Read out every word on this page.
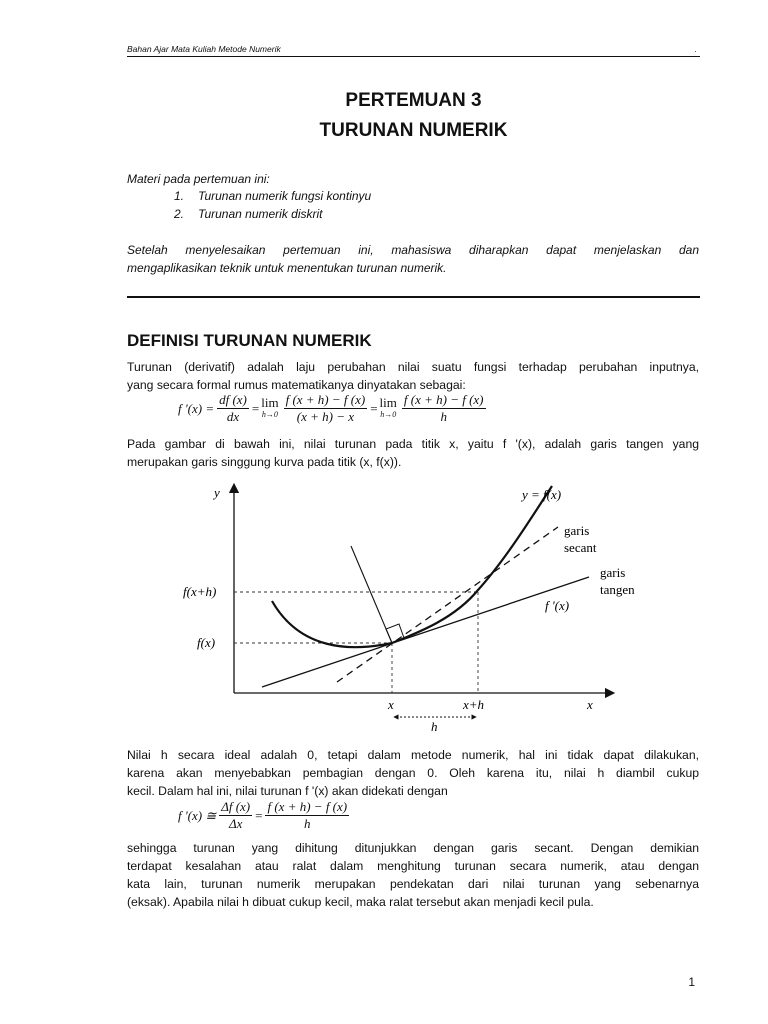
Bahan Ajar Mata Kuliah Metode Numerik	.
PERTEMUAN 3
TURUNAN NUMERIK
Materi pada pertemuan ini:
1. Turunan numerik fungsi kontinyu
2. Turunan numerik diskrit
Setelah menyelesaikan pertemuan ini, mahasiswa diharapkan dapat menjelaskan dan
mengaplikasikan teknik untuk menentukan turunan numerik.
DEFINISI TURUNAN NUMERIK
Turunan (derivatif) adalah laju perubahan nilai suatu fungsi terhadap perubahan inputnya,
yang secara formal rumus matematikanya dinyatakan sebagai:
f '$(x) = \frac{df (x)}{dx} = \lim$
$h\to 0 \frac{f (x + h) - f (x)}{(x + h) - x} = \lim$
$h\to 0 \frac{f (x + h) - f (x)}{h}$
Pada gambar di bawah ini, nilai turunan pada titik x, yaitu f '(x), adalah garis tangen yang
merupakan garis singgung kurva pada titik (x, f(x)).
y
x
y = f(x)
garis
secant
garis
tangen
f '(x)
f(x+h)
f(x)
x	x+h
h
Nilai h secara ideal adalah 0, tetapi dalam metode numerik, hal ini tidak dapat dilakukan,
karena akan menyebabkan pembagian dengan 0. Oleh karena itu, nilai h diambil cukup
kecil. Dalam hal ini, nilai turunan f '(x) akan didekati dengan
f '(x) ≅ $\frac{\Delta f (x)}{\Delta x} = \frac{f (x + h) - f (x)}{h}$
sehingga turunan yang dihitung ditunjukkan dengan garis secant. Dengan demikian
terdapat kesalahan atau ralat dalam menghitung turunan secara numerik, atau dengan
kata lain, turunan numerik merupakan pendekatan dari nilai turunan yang sebenarnya
(eksak). Apabila nilai h dibuat cukup kecil, maka ralat tersebut akan menjadi kecil pula.
1
